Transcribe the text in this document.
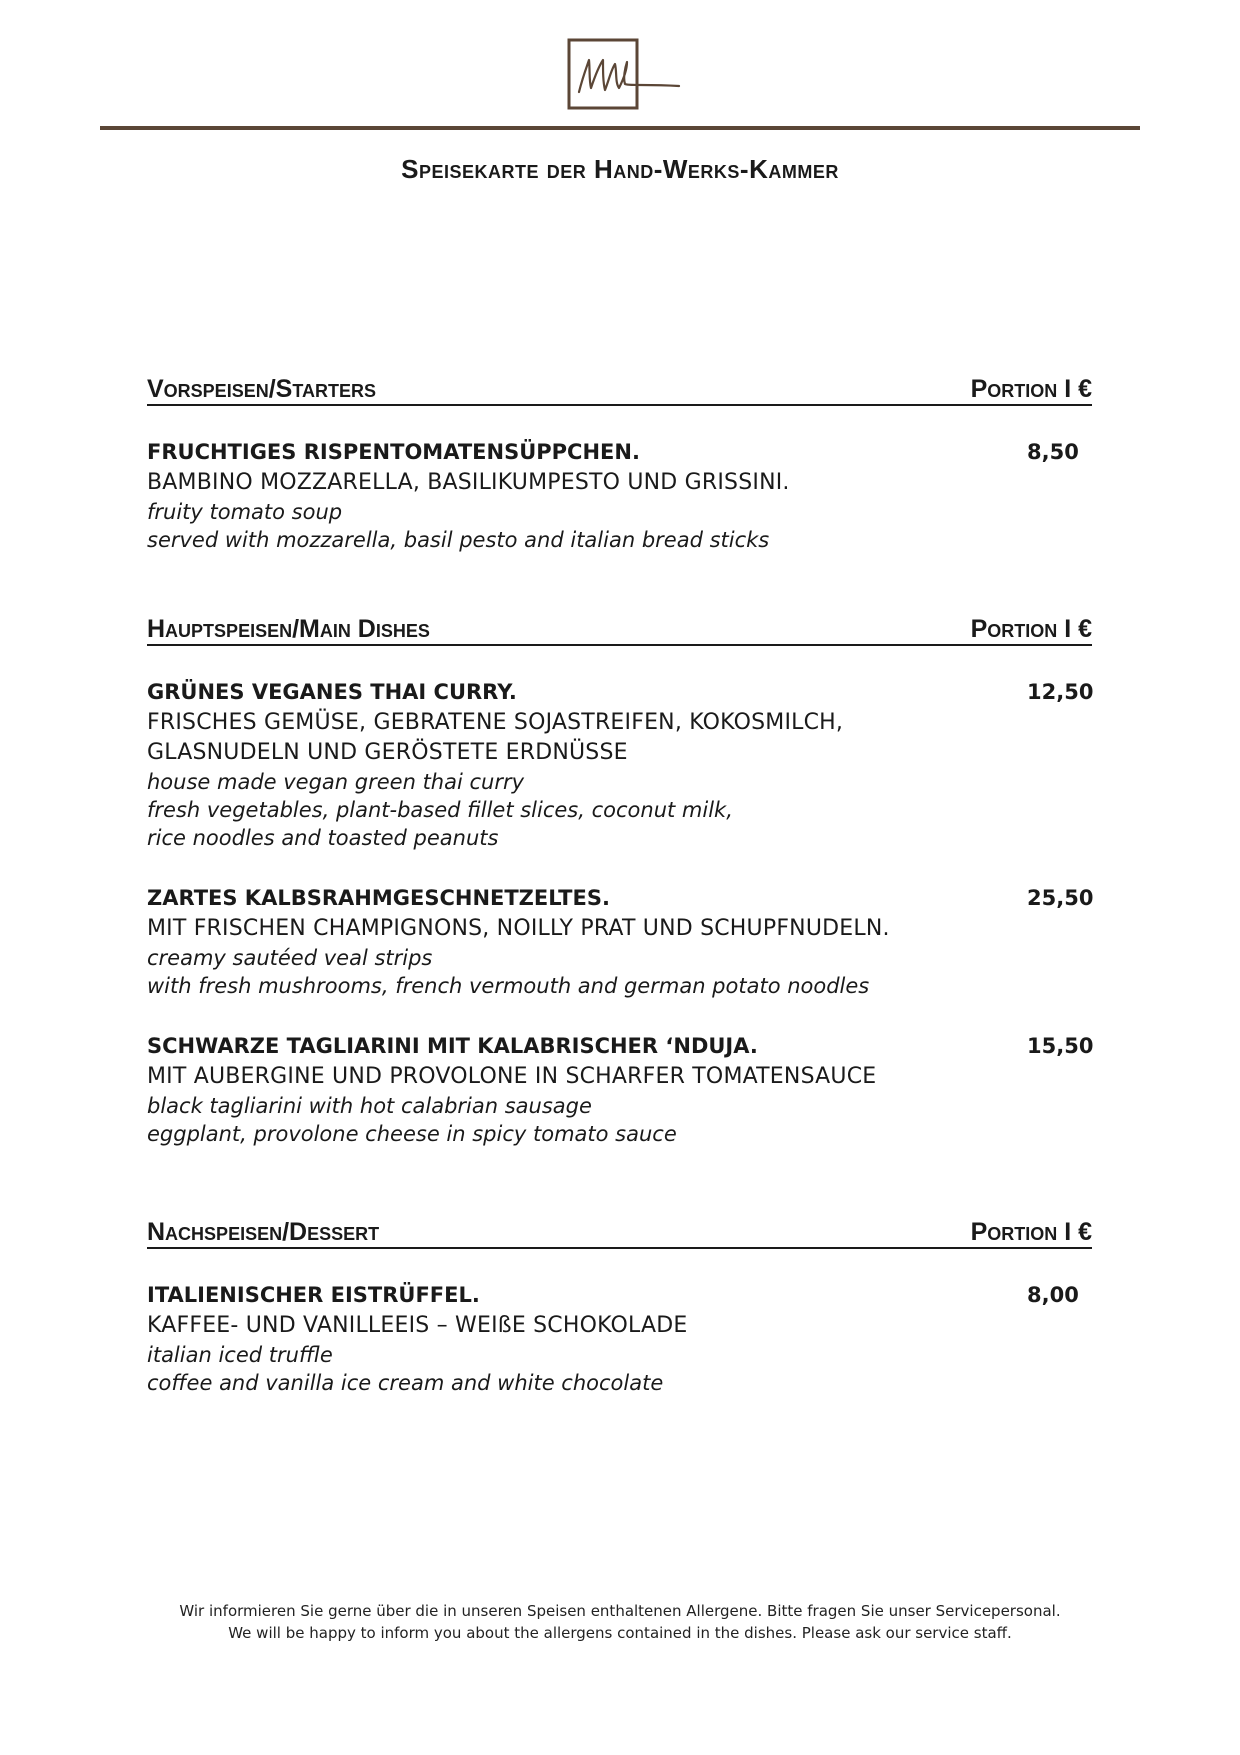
Speisekarte der Hand-Werks-Kammer
Vorspeisen/Starters	Portion I €
FRUCHTIGES RISPENTOMATENSÜPPCHEN.	8,50
BAMBINO MOZZARELLA, BASILIKUMPESTO UND GRISSINI.
fruity tomato soup
served with mozzarella, basil pesto and italian bread sticks
Hauptspeisen/Main Dishes	Portion I €
GRÜNES VEGANES THAI CURRY.	12,50
FRISCHES GEMÜSE, GEBRATENE SOJASTREIFEN, KOKOSMILCH,
GLASNUDELN UND GERÖSTETE ERDNÜSSE
house made vegan green thai curry
fresh vegetables, plant-based fillet slices, coconut milk,
rice noodles and toasted peanuts
ZARTES KALBSRAHMGESCHNETZELTES.	25,50
MIT FRISCHEN CHAMPIGNONS, NOILLY PRAT UND SCHUPFNUDELN.
creamy sautéed veal strips
with fresh mushrooms, french vermouth and german potato noodles
SCHWARZE TAGLIARINI MIT KALABRISCHER ‘NDUJA.	15,50
MIT AUBERGINE UND PROVOLONE IN SCHARFER TOMATENSAUCE
black tagliarini with hot calabrian sausage
eggplant, provolone cheese in spicy tomato sauce
Nachspeisen/Dessert	Portion I €
ITALIENISCHER EISTRÜFFEL.	8,00
KAFFEE- UND VANILLEEIS – WEIßE SCHOKOLADE
italian iced truffle
coffee and vanilla ice cream and white chocolate
Wir informieren Sie gerne über die in unseren Speisen enthaltenen Allergene. Bitte fragen Sie unser Servicepersonal.
We will be happy to inform you about the allergens contained in the dishes. Please ask our service staff.
